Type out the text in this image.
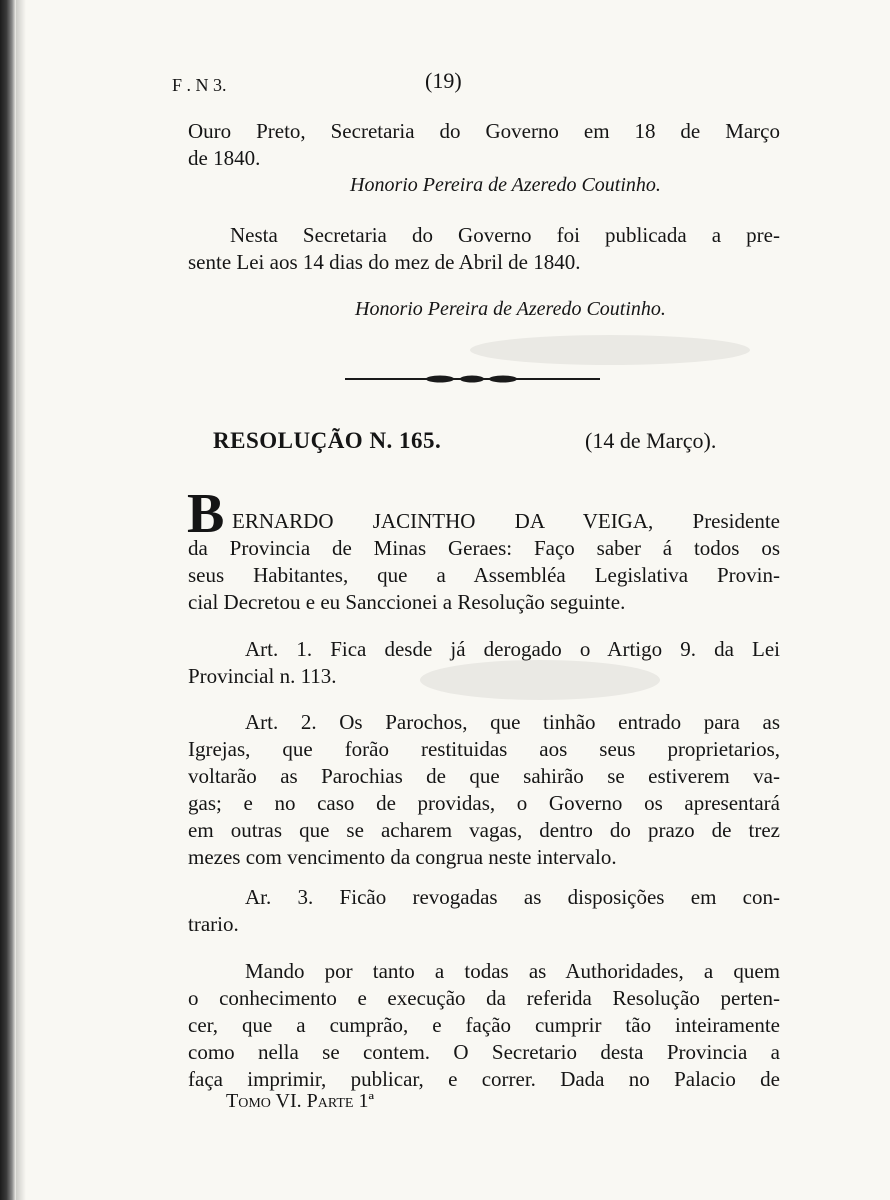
F . N 3.	(19)
Ouro Preto, Secretaria do Governo em 18 de Março
de 1840.
Honorio Pereira de Azeredo Coutinho.
Nesta Secretaria do Governo foi publicada a pre-
sente Lei aos 14 dias do mez de Abril de 1840.
Honorio Pereira de Azeredo Coutinho.
RESOLUÇÃO N. 165.	(14 de Março).
B ERNARDO JACINTHO DA VEIGA, Presidente
da Provincia de Minas Geraes: Faço saber á todos os
seus Habitantes, que a Assembléa Legislativa Provin-
cial Decretou e eu Sanccionei a Resolução seguinte.
Art. 1. Fica desde já derogado o Artigo 9. da Lei
Provincial n. 113.
Art. 2. Os Parochos, que tinhão entrado para as
Igrejas, que forão restituidas aos seus proprietarios,
voltarão as Parochias de que sahirão se estiverem va-
gas; e no caso de providas, o Governo os apresentará
em outras que se acharem vagas, dentro do prazo de trez
mezes com vencimento da congrua neste intervalo.
Ar. 3. Ficão revogadas as disposições em con-
trario.
Mando por tanto a todas as Authoridades, a quem
o conhecimento e execução da referida Resolução perten-
cer, que a cumprão, e fação cumprir tão inteiramente
como nella se contem. O Secretario desta Provincia a
faça imprimir, publicar, e correr. Dada no Palacio de
Tomo VI. Parte 1ª
